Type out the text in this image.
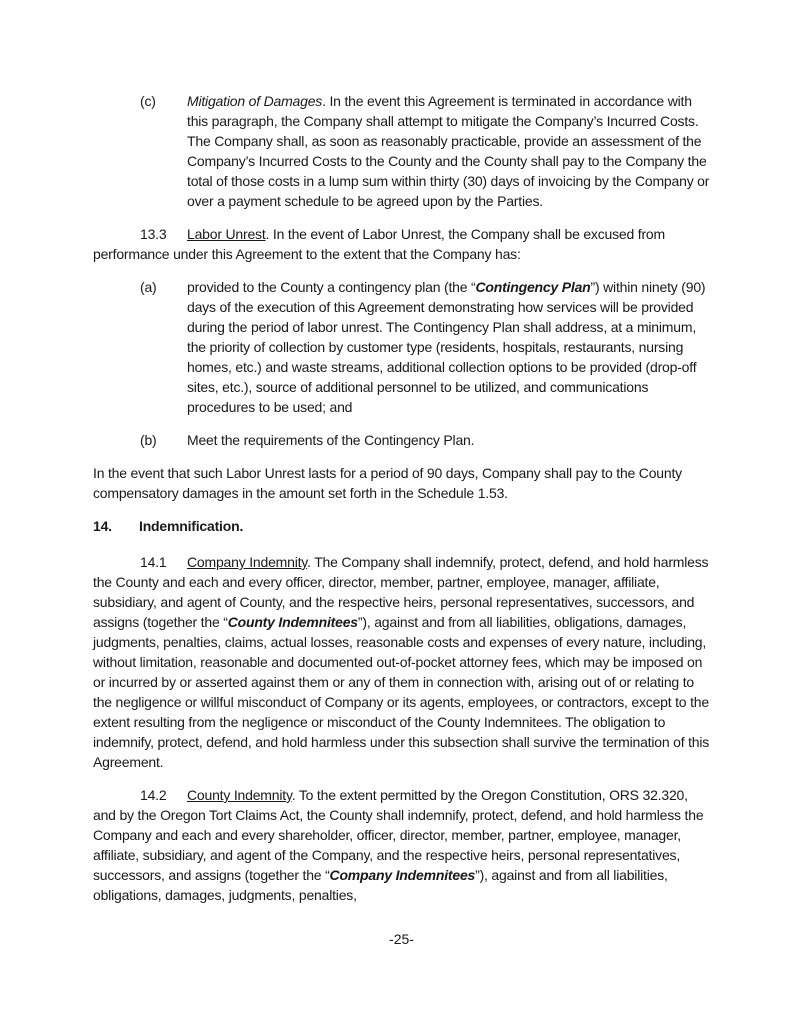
(c)	Mitigation of Damages. In the event this Agreement is terminated in accordance with this paragraph, the Company shall attempt to mitigate the Company’s Incurred Costs. The Company shall, as soon as reasonably practicable, provide an assessment of the Company’s Incurred Costs to the County and the County shall pay to the Company the total of those costs in a lump sum within thirty (30) days of invoicing by the Company or over a payment schedule to be agreed upon by the Parties.

13.3 Labor Unrest. In the event of Labor Unrest, the Company shall be excused from performance under this Agreement to the extent that the Company has:

(a)	provided to the County a contingency plan (the “Contingency Plan”) within ninety (90) days of the execution of this Agreement demonstrating how services will be provided during the period of labor unrest. The Contingency Plan shall address, at a minimum, the priority of collection by customer type (residents, hospitals, restaurants, nursing homes, etc.) and waste streams, additional collection options to be provided (drop-off sites, etc.), source of additional personnel to be utilized, and communications procedures to be used; and
(b)	Meet the requirements of the Contingency Plan.

In the event that such Labor Unrest lasts for a period of 90 days, Company shall pay to the County compensatory damages in the amount set forth in the Schedule 1.53.

14. Indemnification.

14.1 Company Indemnity. The Company shall indemnify, protect, defend, and hold harmless the County and each and every officer, director, member, partner, employee, manager, affiliate, subsidiary, and agent of County, and the respective heirs, personal representatives, successors, and assigns (together the “County Indemnitees”), against and from all liabilities, obligations, damages, judgments, penalties, claims, actual losses, reasonable costs and expenses of every nature, including, without limitation, reasonable and documented out-of-pocket attorney fees, which may be imposed on or incurred by or asserted against them or any of them in connection with, arising out of or relating to the negligence or willful misconduct of Company or its agents, employees, or contractors, except to the extent resulting from the negligence or misconduct of the County Indemnitees. The obligation to indemnify, protect, defend, and hold harmless under this subsection shall survive the termination of this Agreement.

14.2 County Indemnity. To the extent permitted by the Oregon Constitution, ORS 32.320, and by the Oregon Tort Claims Act, the County shall indemnify, protect, defend, and hold harmless the Company and each and every shareholder, officer, director, member, partner, employee, manager, affiliate, subsidiary, and agent of the Company, and the respective heirs, personal representatives, successors, and assigns (together the “Company Indemnitees”), against and from all liabilities, obligations, damages, judgments, penalties,

-25-
